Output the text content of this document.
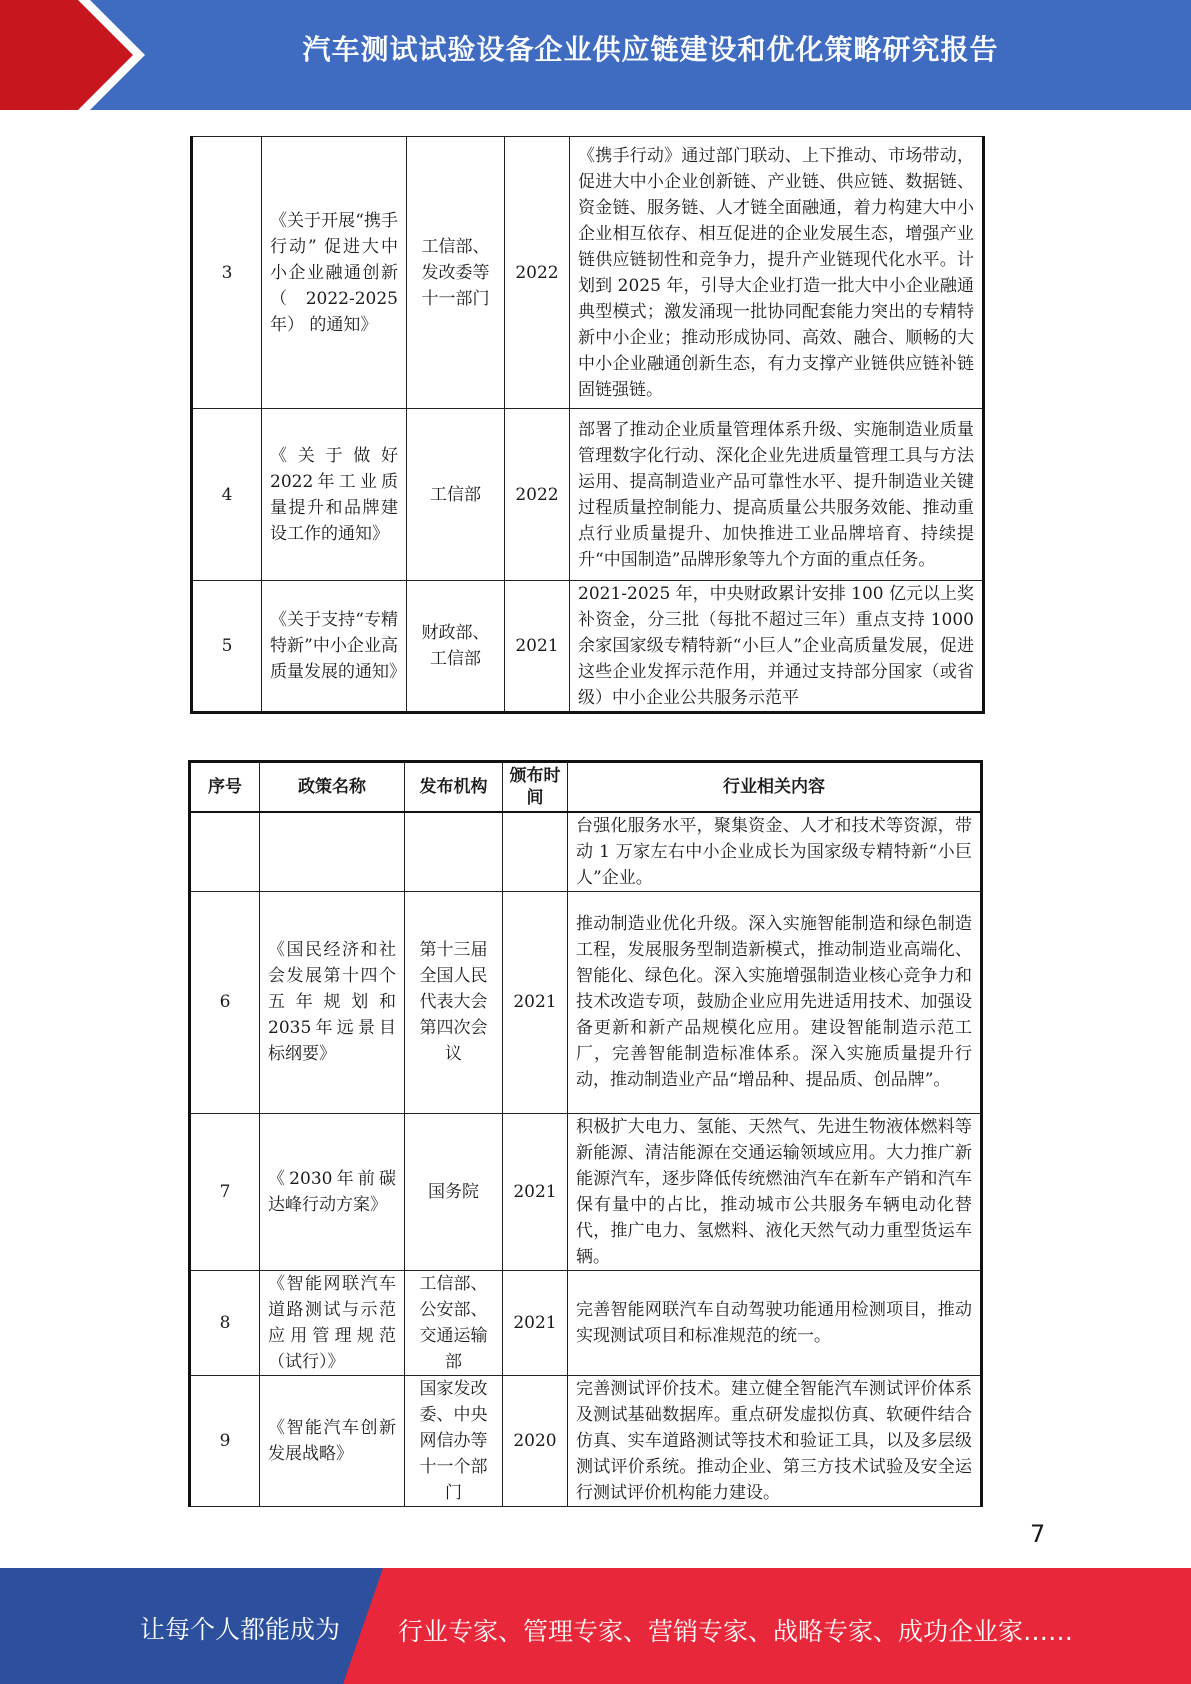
汽车测试试验设备企业供应链建设和优化策略研究报告
3	《关于开展“携手行动” 促进大中小企业融通创新（2022-2025年） 的通知》	工信部、发改委等十一部门	2022	《携手行动》通过部门联动、上下推动、市场带动，促进大中小企业创新链、产业链、供应链、数据链、资金链、服务链、人才链全面融通，着力构建大中小企业相互依存、相互促进的企业发展生态，增强产业链供应链韧性和竞争力，提升产业链现代化水平。计划到 2025 年，引导大企业打造一批大中小企业融通典型模式；激发涌现一批协同配套能力突出的专精特新中小企业；推动形成协同、高效、融合、顺畅的大中小企业融通创新生态，有力支撑产业链供应链补链固链强链。
4	《关于做好2022年工业质量提升和品牌建设工作的通知》	工信部	2022	部署了推动企业质量管理体系升级、实施制造业质量管理数字化行动、深化企业先进质量管理工具与方法运用、提高制造业产品可靠性水平、提升制造业关键过程质量控制能力、提高质量公共服务效能、推动重点行业质量提升、加快推进工业品牌培育、持续提升“中国制造”品牌形象等九个方面的重点任务。
5	《关于支持“专精特新”中小企业高质量发展的通知》	财政部、工信部	2021	2021-2025 年，中央财政累计安排 100 亿元以上奖补资金，分三批（每批不超过三年）重点支持 1000 余家国家级专精特新“小巨人”企业高质量发展，促进这些企业发挥示范作用，并通过支持部分国家（或省级）中小企业公共服务示范平
序号	政策名称	发布机构	颁布时间	行业相关内容
				台强化服务水平，聚集资金、人才和技术等资源，带动 1 万家左右中小企业成长为国家级专精特新“小巨人”企业。
6	《国民经济和社会发展第十四个五年规划和2035年远景目标纲要》	第十三届全国人民代表大会第四次会议	2021	推动制造业优化升级。深入实施智能制造和绿色制造工程，发展服务型制造新模式，推动制造业高端化、智能化、绿色化。深入实施增强制造业核心竞争力和技术改造专项，鼓励企业应用先进适用技术、加强设备更新和新产品规模化应用。建设智能制造示范工厂，完善智能制造标准体系。深入实施质量提升行动，推动制造业产品“增品种、提品质、创品牌”。
7	《2030年前碳达峰行动方案》	国务院	2021	积极扩大电力、氢能、天然气、先进生物液体燃料等新能源、清洁能源在交通运输领域应用。大力推广新能源汽车，逐步降低传统燃油汽车在新车产销和汽车保有量中的占比，推动城市公共服务车辆电动化替代，推广电力、氢燃料、液化天然气动力重型货运车辆。
8	《智能网联汽车道路测试与示范应用管理规范（试行）》	工信部、公安部、交通运输部	2021	完善智能网联汽车自动驾驶功能通用检测项目，推动实现测试项目和标准规范的统一。
9	《智能汽车创新发展战略》	国家发改委、中央网信办等十一个部门	2020	完善测试评价技术。建立健全智能汽车测试评价体系及测试基础数据库。重点研发虚拟仿真、软硬件结合仿真、实车道路测试等技术和验证工具，以及多层级测试评价系统。推动企业、第三方技术试验及安全运行测试评价机构能力建设。
7
让每个人都能成为 行业专家、管理专家、营销专家、战略专家、成功企业家……
